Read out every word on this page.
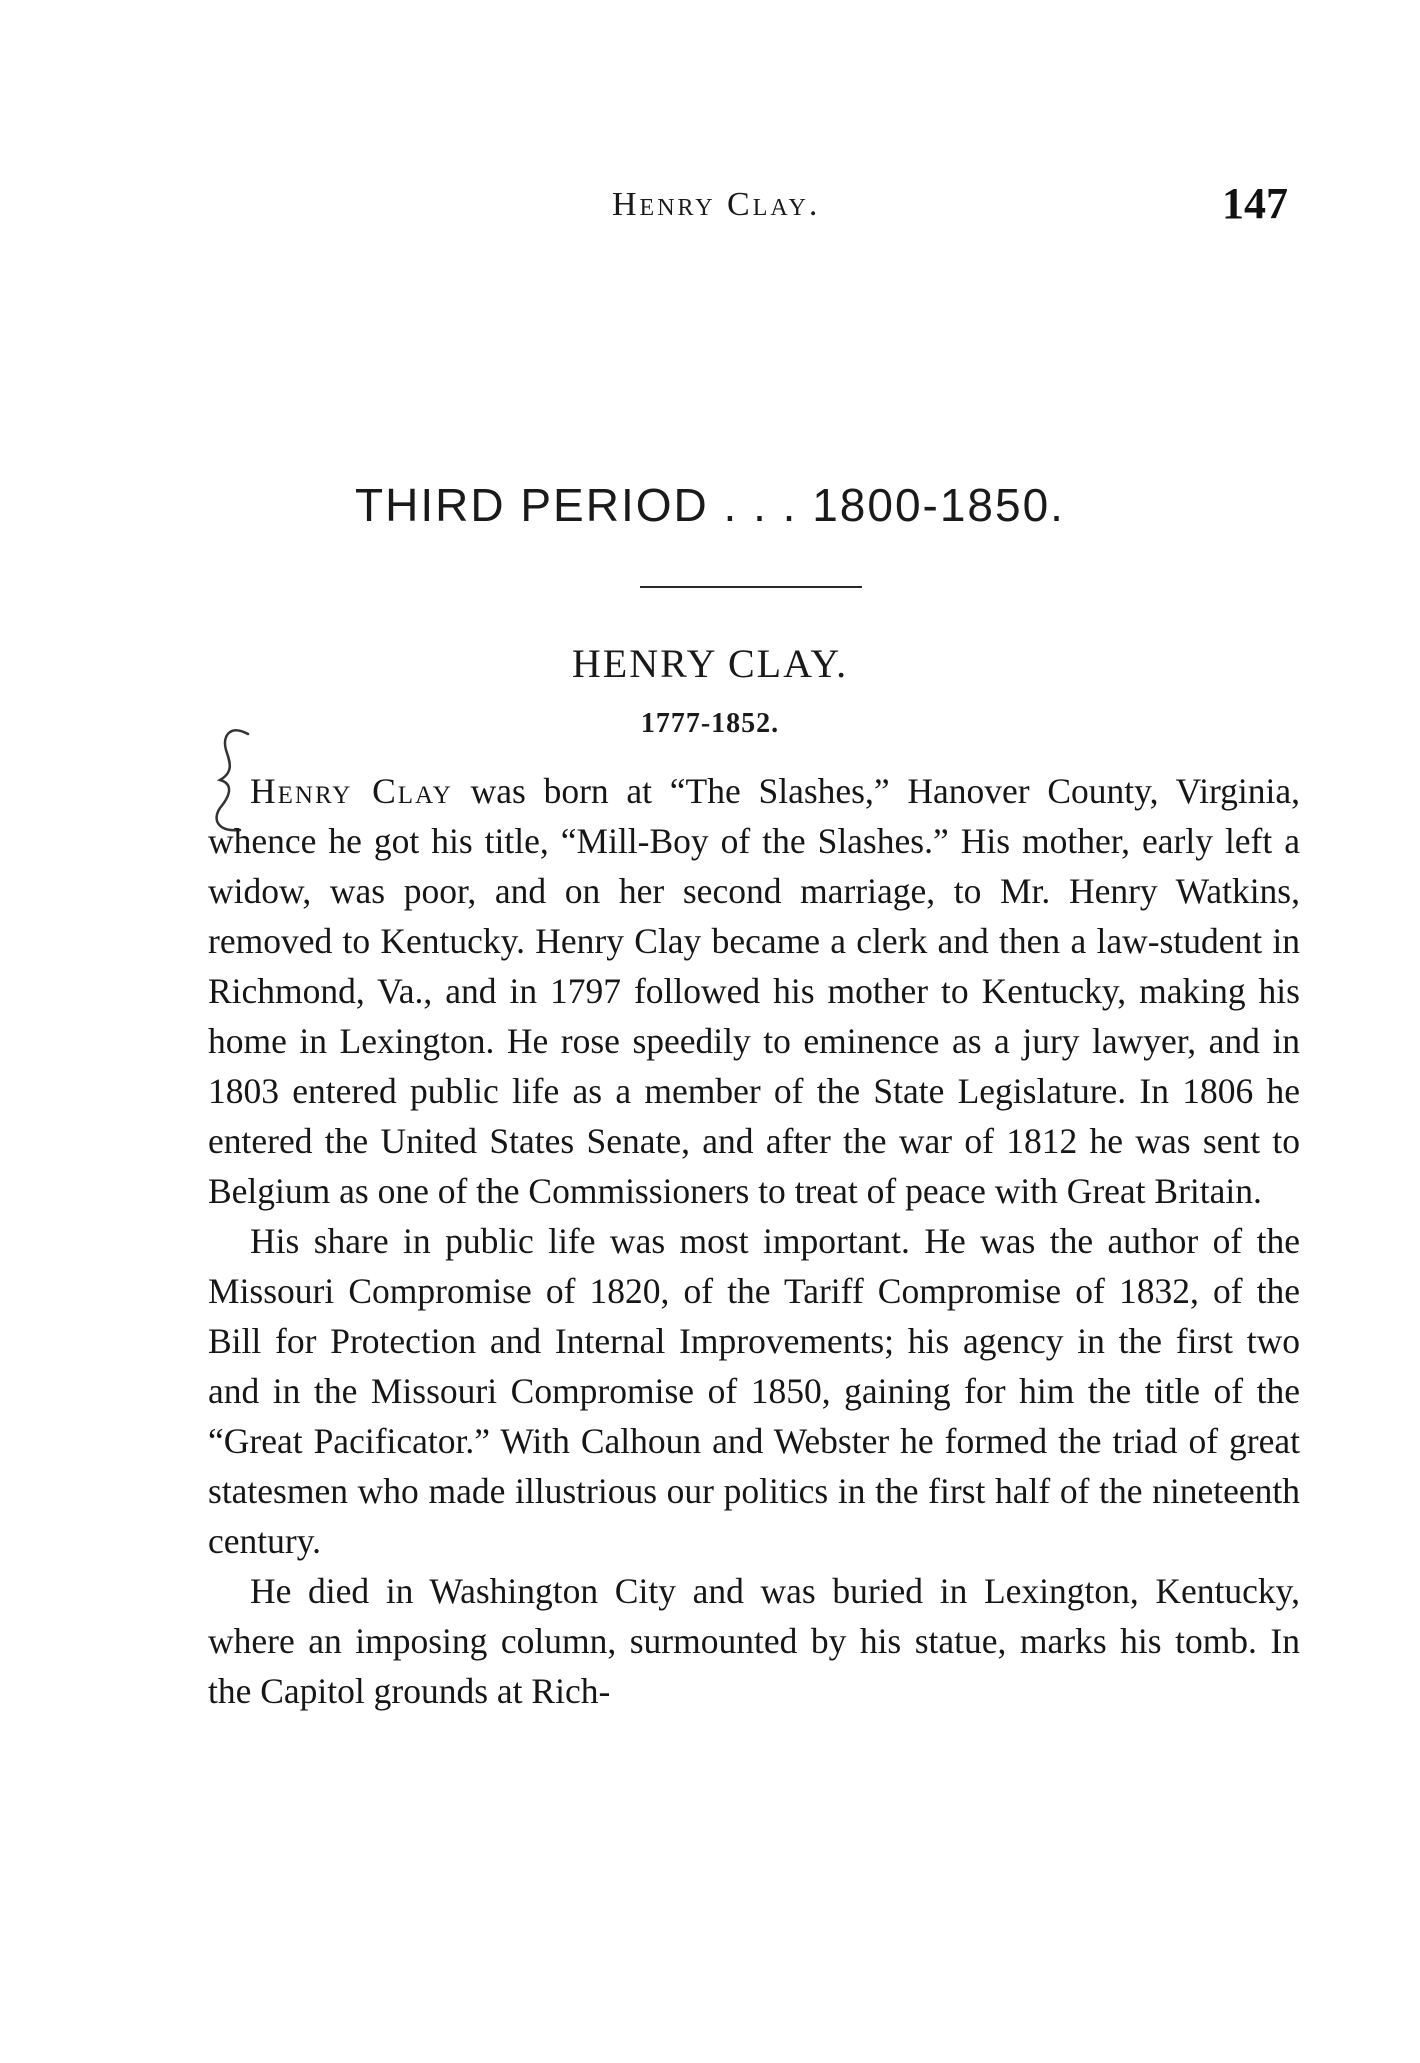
Henry Clay.	147
THIRD PERIOD . . . 1800-1850.
HENRY CLAY.
1777-1852.

Henry Clay was born at “The Slashes,” Hanover County, Virginia, whence he got his title, “Mill-Boy of the Slashes.” His mother, early left a widow, was poor, and on her second marriage, to Mr. Henry Watkins, removed to Kentucky. Henry Clay became a clerk and then a law-student in Richmond, Va., and in 1797 followed his mother to Kentucky, making his home in Lexington. He rose speedily to eminence as a jury lawyer, and in 1803 entered public life as a member of the State Legislature. In 1806 he entered the United States Senate, and after the war of 1812 he was sent to Belgium as one of the Commissioners to treat of peace with Great Britain.

His share in public life was most important. He was the author of the Missouri Compromise of 1820, of the Tariff Compromise of 1832, of the Bill for Protection and Internal Improvements; his agency in the first two and in the Missouri Compromise of 1850, gaining for him the title of the “Great Pacificator.” With Calhoun and Webster he formed the triad of great statesmen who made illustrious our politics in the first half of the nineteenth century.

He died in Washington City and was buried in Lexington, Kentucky, where an imposing column, surmounted by his statue, marks his tomb. In the Capitol grounds at Rich-
